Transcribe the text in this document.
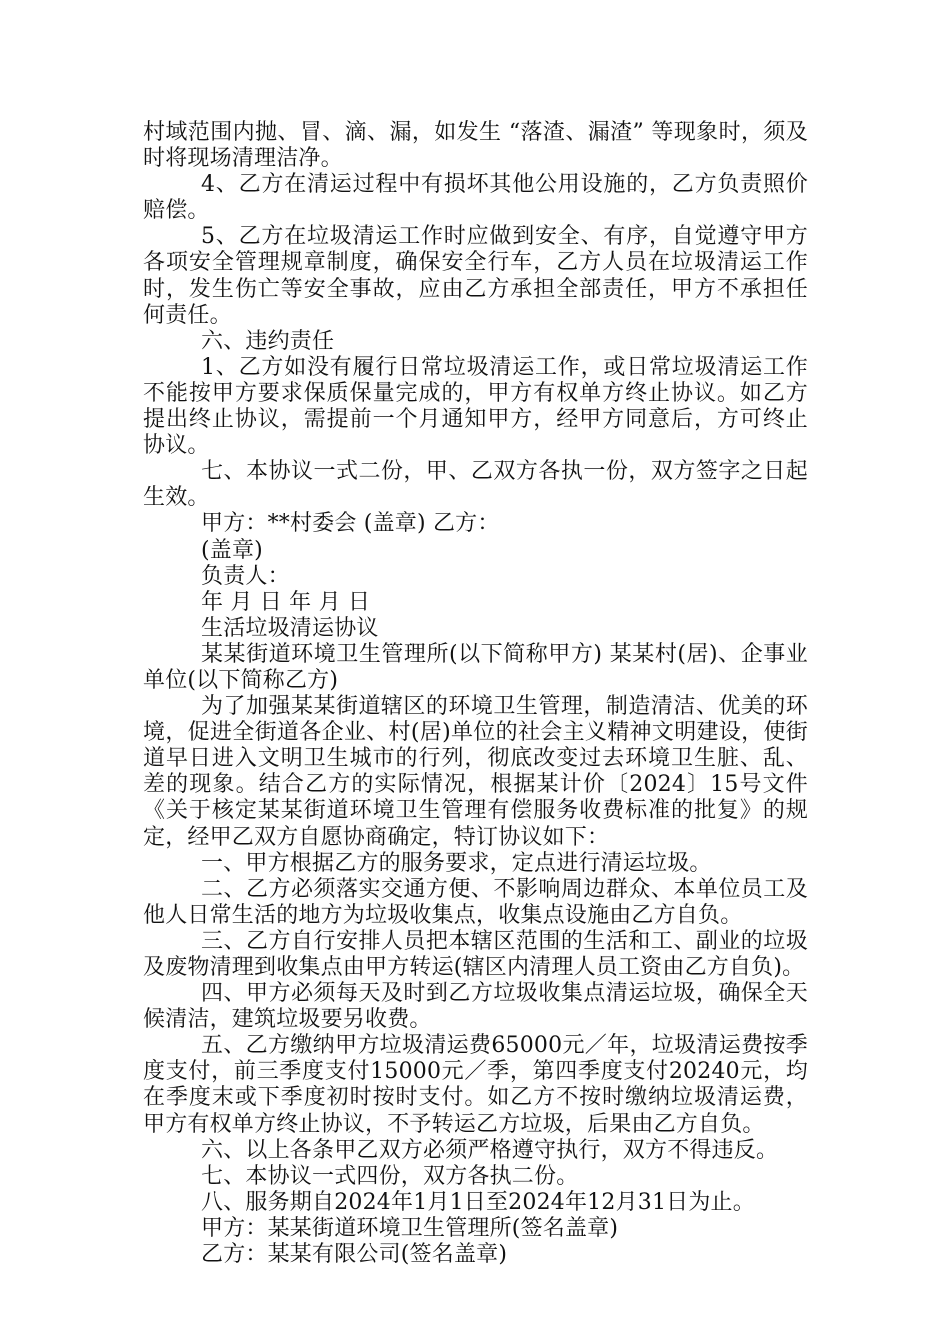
村域范围内抛、冒、滴、漏，如发生 “落渣、漏渣” 等现象时，须及时将现场清理洁净。

4、乙方在清运过程中有损坏其他公用设施的，乙方负责照价赔偿。

5、乙方在垃圾清运工作时应做到安全、有序，自觉遵守甲方各项安全管理规章制度，确保安全行车，乙方人员在垃圾清运工作时，发生伤亡等安全事故，应由乙方承担全部责任，甲方不承担任何责任。

六、违约责任

1、乙方如没有履行日常垃圾清运工作，或日常垃圾清运工作不能按甲方要求保质保量完成的，甲方有权单方终止协议。如乙方提出终止协议，需提前一个月通知甲方，经甲方同意后，方可终止协议。

七、本协议一式二份，甲、乙双方各执一份，双方签字之日起生效。

甲方：**村委会 (盖章) 乙方：

(盖章)

负责人：

年 月 日 年 月 日

生活垃圾清运协议

某某街道环境卫生管理所(以下简称甲方) 某某村(居)、企事业单位(以下简称乙方)

为了加强某某街道辖区的环境卫生管理，制造清洁、优美的环境，促进全街道各企业、村(居)单位的社会主义精神文明建设，使街道早日进入文明卫生城市的行列，彻底改变过去环境卫生脏、乱、差的现象。结合乙方的实际情况，根据某计价〔2024〕15号文件《关于核定某某街道环境卫生管理有偿服务收费标准的批复》的规定，经甲乙双方自愿协商确定，特订协议如下：

一、甲方根据乙方的服务要求，定点进行清运垃圾。

二、乙方必须落实交通方便、不影响周边群众、本单位员工及他人日常生活的地方为垃圾收集点，收集点设施由乙方自负。

三、乙方自行安排人员把本辖区范围的生活和工、副业的垃圾及废物清理到收集点由甲方转运(辖区内清理人员工资由乙方自负)。

四、甲方必须每天及时到乙方垃圾收集点清运垃圾，确保全天候清洁，建筑垃圾要另收费。

五、乙方缴纳甲方垃圾清运费65000元／年，垃圾清运费按季度支付，前三季度支付15000元／季，第四季度支付20240元，均在季度末或下季度初时按时支付。如乙方不按时缴纳垃圾清运费，甲方有权单方终止协议，不予转运乙方垃圾，后果由乙方自负。

六、以上各条甲乙双方必须严格遵守执行，双方不得违反。

七、本协议一式四份，双方各执二份。

八、服务期自2024年1月1日至2024年12月31日为止。

甲方：某某街道环境卫生管理所(签名盖章)

乙方：某某有限公司(签名盖章)
